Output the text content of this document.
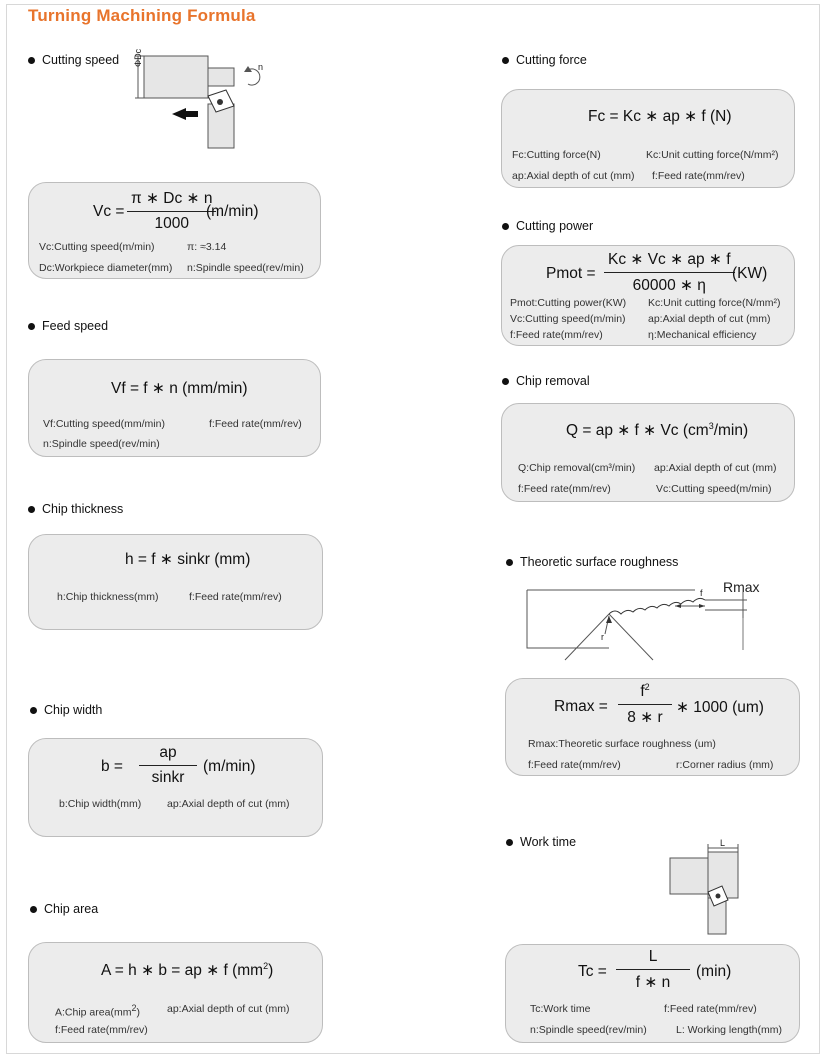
Turning Machining Formula
Cutting speed ΦDc	n
Vc =
π ∗ Dc ∗ n
1000
(m/min)
Vc:Cutting speed(m/min)	π: ≈3.14
Dc:Workpiece diameter(mm) n:Spindle speed(rev/min)
Feed speed
Vf = f ∗ n (mm/min)
Vf:Cutting speed(mm/min)	f:Feed rate(mm/rev)
n:Spindle speed(rev/min)
Chip thickness
h = f ∗ sinkr (mm)
h:Chip thickness(mm)	f:Feed rate(mm/rev)
Chip width
b =
ap
sinkr
(m/min)
b:Chip width(mm) ap:Axial depth of cut (mm)
Chip area
A = h ∗ b = ap ∗ f $(mm^2)$
A:Chip $area(mm^2)$	ap:Axial depth of cut (mm)
f:Feed rate(mm/rev)
Cutting force
Fc = Kc ∗ ap ∗ f (N)
Fc:Cutting force(N)	Kc:Unit cutting force(N/mm²)
ap:Axial depth of cut (mm) f:Feed rate(mm/rev)
Cutting power
Pmot =
Kc ∗ Vc ∗ ap ∗ f
60000 ∗ η
(KW)
Pmot:Cutting power(KW) Kc:Unit cutting force(N/mm²)
Vc:Cutting speed(m/min) ap:Axial depth of cut (mm)
f:Feed rate(mm/rev)	η:Mechanical efficiency
Chip removal
Q = ap ∗ f ∗ Vc $(cm^3/\min)$
Q:Chip removal(cm³/min) ap:Axial depth of cut (mm)
f:Feed rate(mm/rev)	Vc:Cutting speed(m/min)
Theoretic surface roughness
Rmax
f
r
Rmax =
$f^2$
8 ∗ r
∗ 1000 (um)
Rmax:Theoretic surface roughness (um)
f:Feed rate(mm/rev)	r:Corner radius (mm)
Work time	L
Tc =
L
f ∗ n
(min)
Tc:Work time	f:Feed rate(mm/rev)
n:Spindle speed(rev/min)	L: Working length(mm)
